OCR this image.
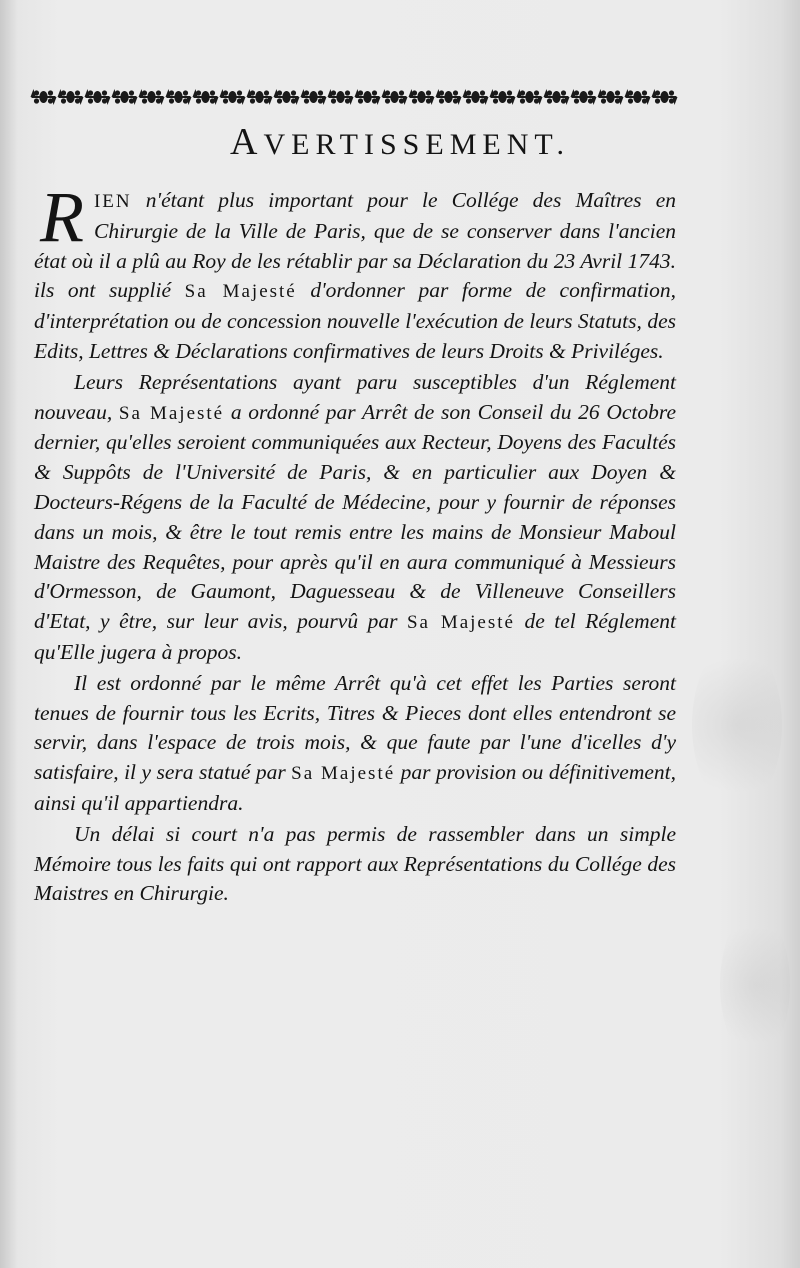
AVERTISSEMENT.

RIEN n'étant plus important pour le Collége des Maîtres en Chirurgie de la Ville de Paris, que de se conserver dans l'ancien état où il a plû au Roy de les rétablir par sa Déclaration du 23 Avril 1743. ils ont supplié Sa Majesté d'ordonner par forme de confirmation, d'interprétation ou de concession nouvelle l'exécution de leurs Statuts, des Edits, Lettres & Déclarations confirmatives de leurs Droits & Priviléges.

Leurs Représentations ayant paru susceptibles d'un Réglement nouveau, Sa Majesté a ordonné par Arrêt de son Conseil du 26 Octobre dernier, qu'elles seroient communiquées aux Recteur, Doyens des Facultés & Suppôts de l'Université de Paris, & en particulier aux Doyen & Docteurs-Régens de la Faculté de Médecine, pour y fournir de réponses dans un mois, & être le tout remis entre les mains de Monsieur Maboul Maistre des Requêtes, pour après qu'il en aura communiqué à Messieurs d'Ormesson, de Gaumont, Daguesseau & de Villeneuve Conseillers d'Etat, y être, sur leur avis, pourvû par Sa Majesté de tel Réglement qu'Elle jugera à propos.

Il est ordonné par le même Arrêt qu'à cet effet les Parties seront tenues de fournir tous les Ecrits, Titres & Pieces dont elles entendront se servir, dans l'espace de trois mois, & que faute par l'une d'icelles d'y satisfaire, il y sera statué par Sa Majesté par provision ou définitivement, ainsi qu'il appartiendra.

Un délai si court n'a pas permis de rassembler dans un simple Mémoire tous les faits qui ont rapport aux Représentations du Collége des Maistres en Chirurgie.
